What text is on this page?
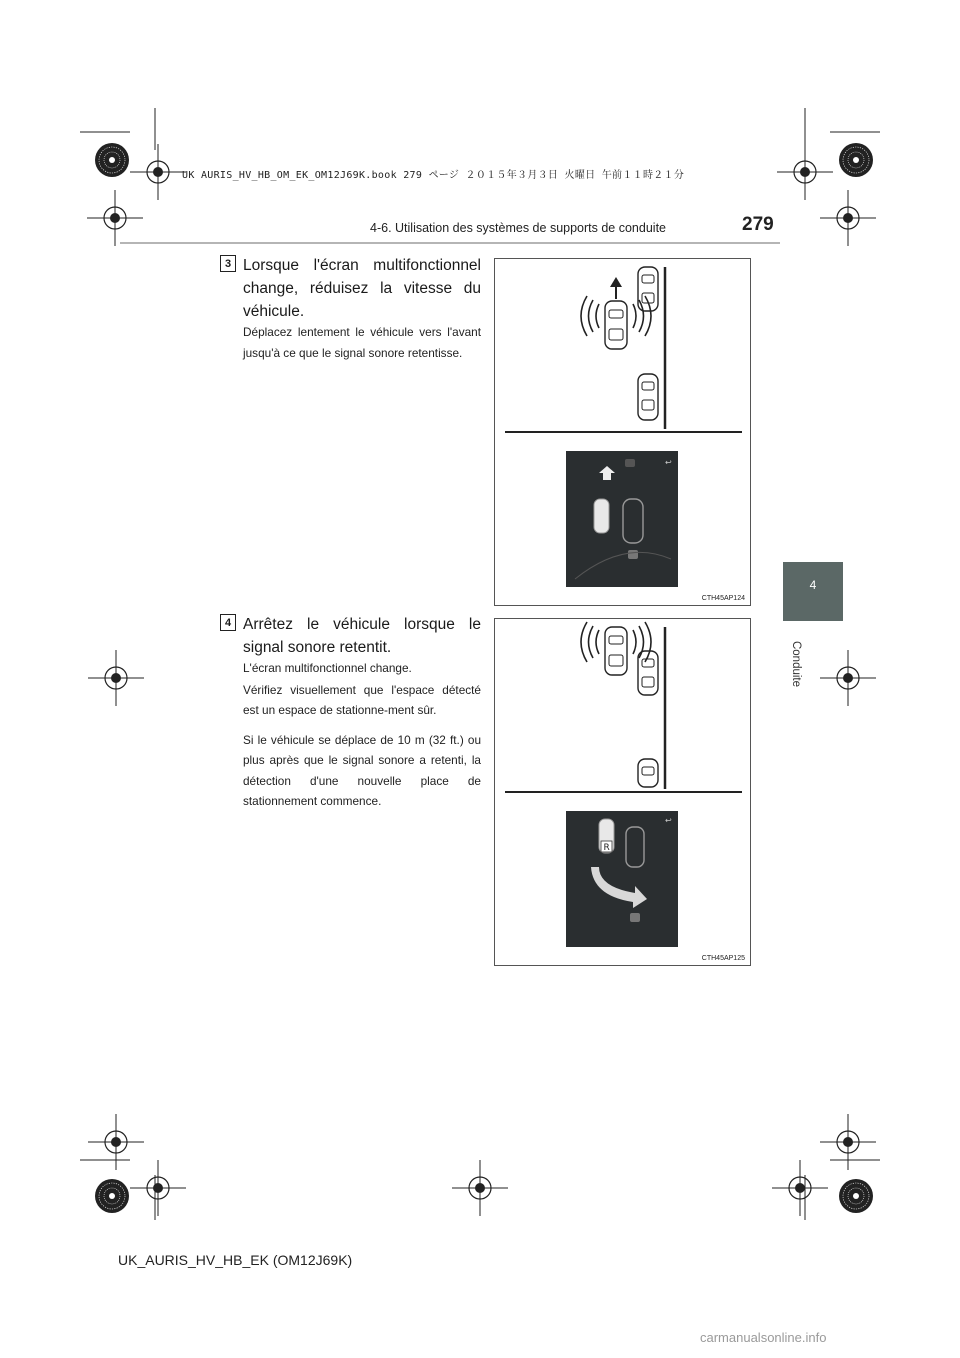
UK AURIS_HV_HB_OM_EK_OM12J69K.book 279 ページ ２０１５年３月３日 火曜日 午前１１時２１分
4-6. Utilisation des systèmes de supports de conduite	279
4
Conduite
3 Lorsque l'écran multifonctionnel change, réduisez la vitesse du véhicule.

Déplacez lentement le véhicule vers l'avant jusqu'à ce que le signal sonore retentisse.

↩
CTH45AP124
4 Arrêtez le véhicule lorsque le signal sonore retentit.

L'écran multifonctionnel change.

Vérifiez visuellement que l'espace détecté est un espace de stationne-ment sûr.

Si le véhicule se déplace de 10 m (32 ft.) ou plus après que le signal sonore a retenti, la détection d'une nouvelle place de stationnement commence.

↩
R
CTH45AP125
UK_AURIS_HV_HB_EK (OM12J69K)
carmanualsonline.info
